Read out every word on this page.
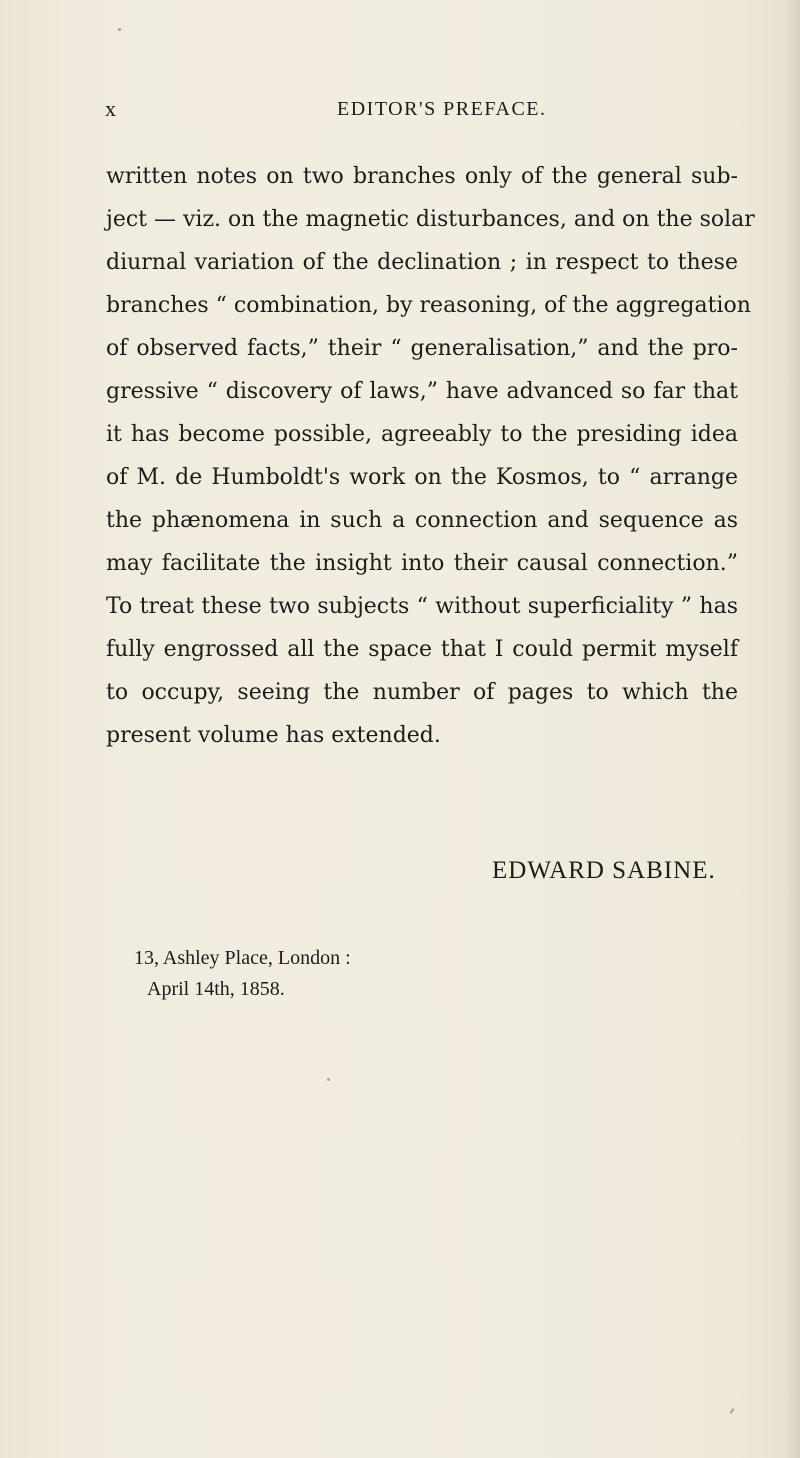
x	EDITOR'S PREFACE.
written notes on two branches only of the general sub-
ject — viz. on the magnetic disturbances, and on the solar
diurnal variation of the declination ; in respect to these
branches “ combination, by reasoning, of the aggregation
of observed facts,” their “ generalisation,” and the pro-
gressive “ discovery of laws,” have advanced so far that
it has become possible, agreeably to the presiding idea
of M. de Humboldt's work on the Kosmos, to “ arrange
the phænomena in such a connection and sequence as
may facilitate the insight into their causal connection.”
To treat these two subjects “ without superficiality ” has
fully engrossed all the space that I could permit myself
to occupy, seeing the number of pages to which the
present volume has extended.
EDWARD SABINE.
13, Ashley Place, London :
April 14th, 1858.
